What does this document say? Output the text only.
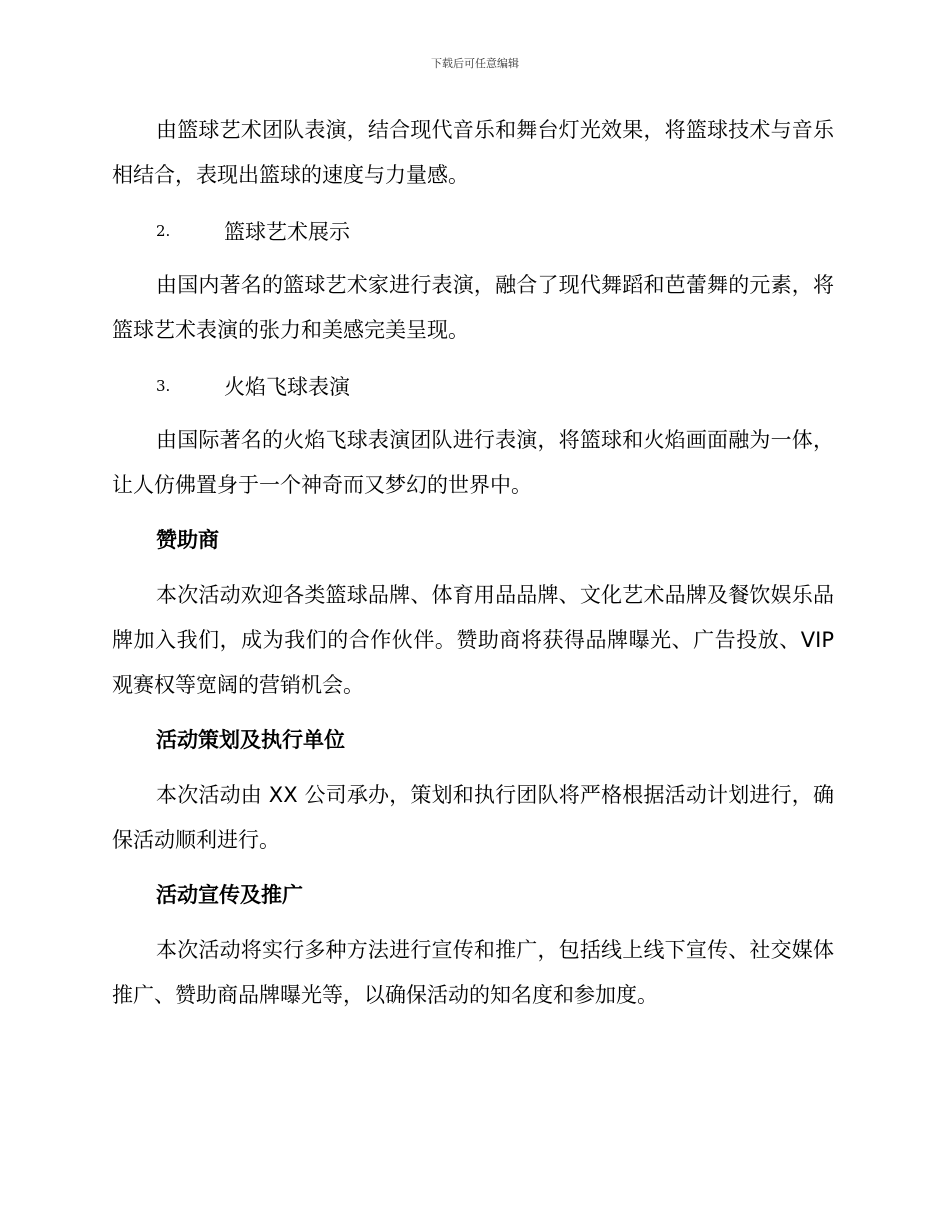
下载后可任意编辑

由篮球艺术团队表演，结合现代音乐和舞台灯光效果，将篮球技术与音乐相结合，表现出篮球的速度与力量感。

2.	篮球艺术展示

由国内著名的篮球艺术家进行表演，融合了现代舞蹈和芭蕾舞的元素，将篮球艺术表演的张力和美感完美呈现。

3.	火焰飞球表演

由国际著名的火焰飞球表演团队进行表演，将篮球和火焰画面融为一体，让人仿佛置身于一个神奇而又梦幻的世界中。

赞助商

本次活动欢迎各类篮球品牌、体育用品品牌、文化艺术品牌及餐饮娱乐品牌加入我们，成为我们的合作伙伴。赞助商将获得品牌曝光、广告投放、VIP 观赛权等宽阔的营销机会。

活动策划及执行单位

本次活动由 XX 公司承办，策划和执行团队将严格根据活动计划进行，确保活动顺利进行。

活动宣传及推广

本次活动将实行多种方法进行宣传和推广，包括线上线下宣传、社交媒体推广、赞助商品牌曝光等，以确保活动的知名度和参加度。
